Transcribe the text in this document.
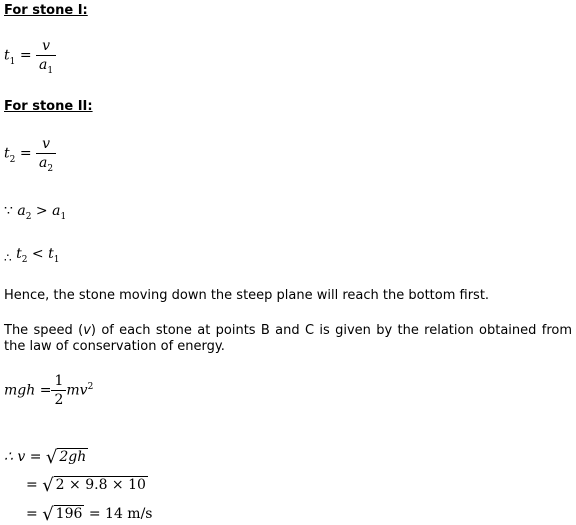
For stone I:
$t_1 = \frac{v}{a_1}$
For stone II:
$t_2 = \frac{v}{a_2}$
∵ $a_2 > a_1$
∴ $t_2 < t_1$
Hence, the stone moving down the steep plane will reach the bottom first.
The speed (v) of each stone at points B and C is given by the relation obtained from the law of conservation of energy.
mgh = $\frac{1}{2} mv^2$
∴ v = √ 2gh
= √ 2 × 9.8 × 10
= √ 196 = 14 m/s
